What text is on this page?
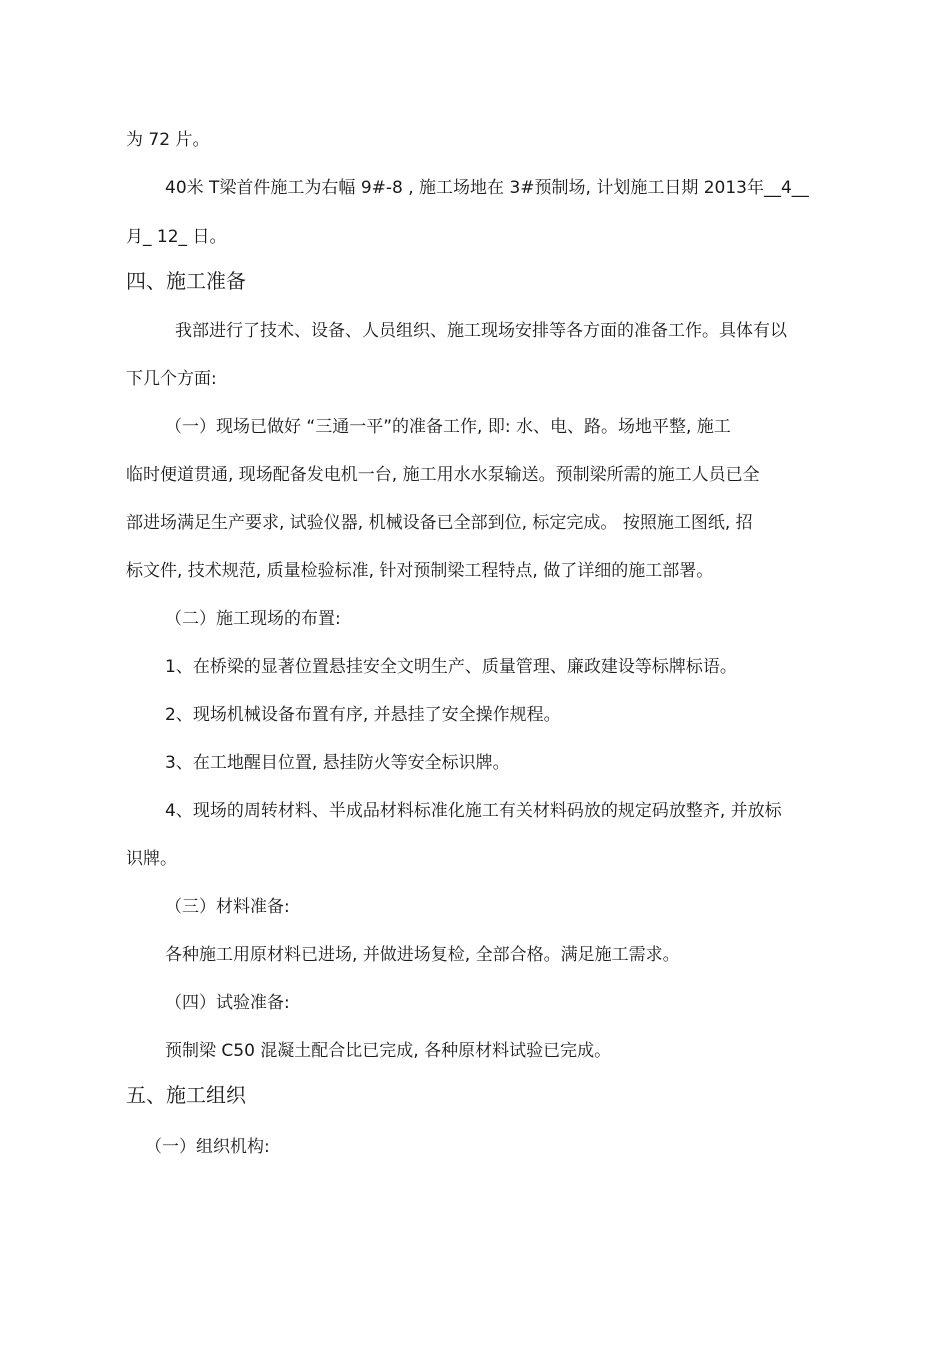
为 72 片。
40米 T梁首件施工为右幅 9#-8 , 施工场地在 3#预制场, 计划施工日期 2013年__4__
月_ 12_ 日。
四、施工准备
我部进行了技术、设备、人员组织、施工现场安排等各方面的准备工作。具体有以
下几个方面:
（一）现场已做好 “三通一平”的准备工作, 即: 水、电、路。场地平整, 施工
临时便道贯通, 现场配备发电机一台, 施工用水水泵输送。预制梁所需的施工人员已全
部进场满足生产要求, 试验仪器, 机械设备已全部到位, 标定完成。 按照施工图纸, 招
标文件, 技术规范, 质量检验标准, 针对预制梁工程特点, 做了详细的施工部署。
（二）施工现场的布置:
1、在桥梁的显著位置悬挂安全文明生产、质量管理、廉政建设等标牌标语。
2、现场机械设备布置有序, 并悬挂了安全操作规程。
3、在工地醒目位置, 悬挂防火等安全标识牌。
4、现场的周转材料、半成品材料标准化施工有关材料码放的规定码放整齐, 并放标
识牌。
（三）材料准备:
各种施工用原材料已进场, 并做进场复检, 全部合格。满足施工需求。
（四）试验准备:
预制梁 C50 混凝土配合比已完成, 各种原材料试验已完成。
五、施工组织
（一）组织机构:
